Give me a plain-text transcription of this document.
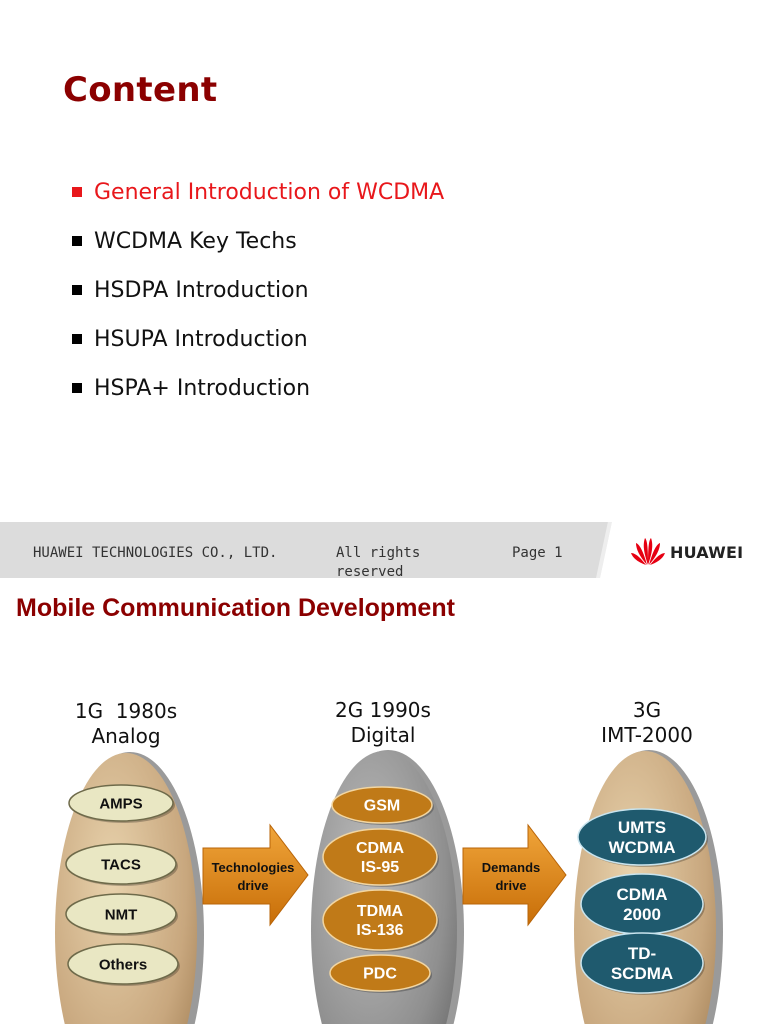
Content
General Introduction of WCDMA
WCDMA Key Techs
HSDPA Introduction
HSUPA Introduction
HSPA+ Introduction
HUAWEI TECHNOLOGIES CO., LTD.	All rights reserved
Page 1	HUAWEI
Mobile Communication Development
1G  1980s
Analog
2G 1990s
Digital
3G
IMT-2000
AMPS
TACS
NMT
Others
GSM
CDMA IS-95
TDMA IS-136
PDC
UMTS WCDMA
CDMA 2000
TD-SCDMA
Technologies drive
Demands drive
